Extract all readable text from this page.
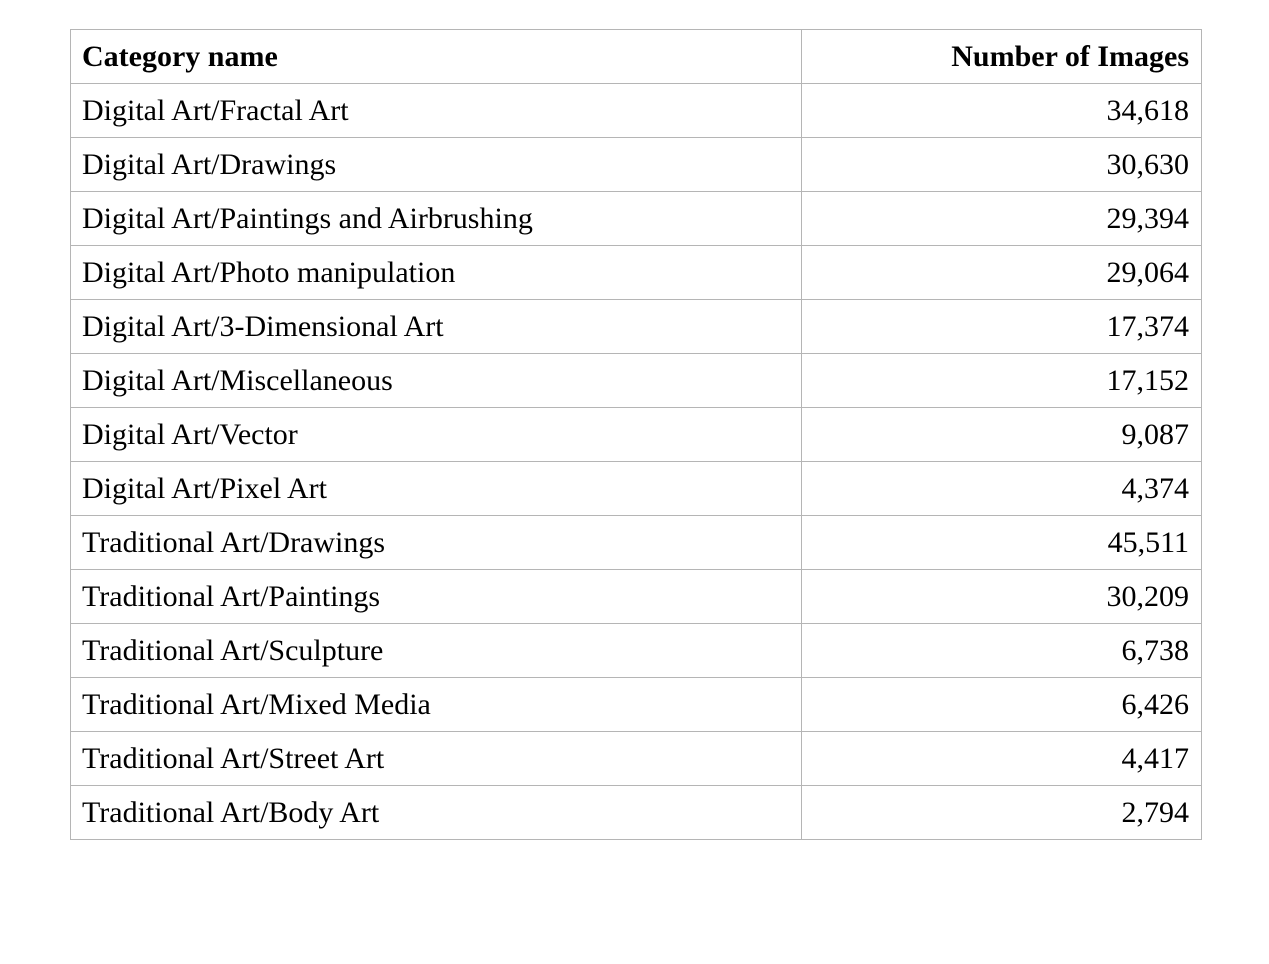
Category name	Number of Images
Digital Art/Fractal Art	34,618
Digital Art/Drawings	30,630
Digital Art/Paintings and Airbrushing	29,394
Digital Art/Photo manipulation	29,064
Digital Art/3-Dimensional Art	17,374
Digital Art/Miscellaneous	17,152
Digital Art/Vector	9,087
Digital Art/Pixel Art	4,374
Traditional Art/Drawings	45,511
Traditional Art/Paintings	30,209
Traditional Art/Sculpture	6,738
Traditional Art/Mixed Media	6,426
Traditional Art/Street Art	4,417
Traditional Art/Body Art	2,794
